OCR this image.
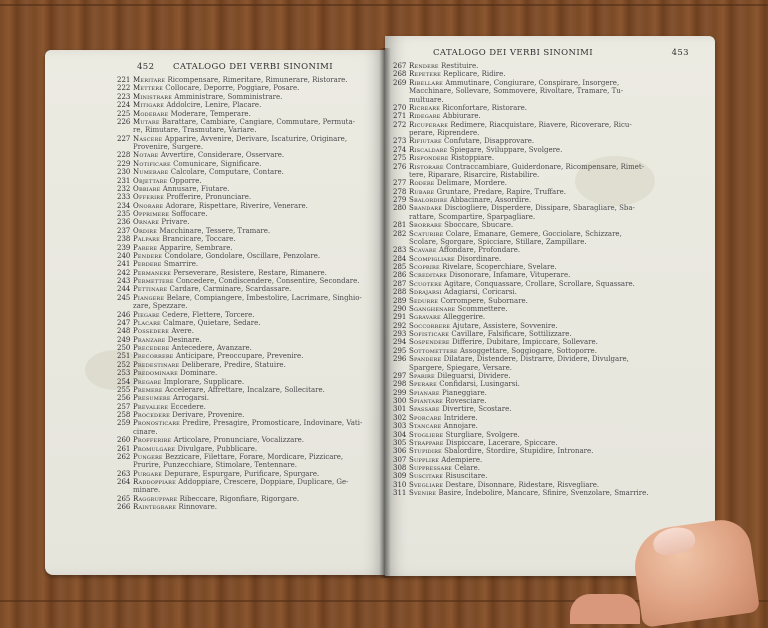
452 CATALOGO DEI VERBI SINONIMI
221 Meritare Ricompensare, Rimeritare, Rimunerare, Ristorare.
222 Mettere Collocare, Deporre, Poggiare, Posare.
223 Ministrare Amministrare, Somministrare.
224 Mitigare Addolcire, Lenire, Placare.
225 Moderare Moderare, Temperare.
226 Mutare Barattare, Cambiare, Cangiare, Commutare, Permuta-
re, Rimutare, Trasmutare, Variare.
227 Nascere Apparire, Avvenire, Derivare, Iscaturire, Originare,
Provenire, Surgere.
228 Notare Avvertire, Considerare, Osservare.
229 Notificare Comunicare, Significare.
230 Numerare Calcolare, Computare, Contare.
231 Objettare Opporre.
232 Obbiare Annusare, Fiutare.
233 Offerire Profferire, Pronunciare.
234 Onorare Adorare, Rispettare, Riverire, Venerare.
235 Opprimere Soffocare.
236 Ornare Privare.
237 Ordire Macchinare, Tessere, Tramare.
238 Palpare Brancicare, Toccare.
239 Parere Apparire, Sembrare.
240 Pendere Condolare, Gondolare, Oscillare, Penzolare.
241 Perdere Smarrire.
242 Permanere Perseverare, Resistere, Restare, Rimanere.
243 Permettere Concedere, Condiscendere, Consentire, Secondare.
244 Pettinare Cardare, Carminare, Scardassare.
245 Piangere Belare, Compiangere, Imbestolire, Lacrimare, Singhio-
zare, Spezzare.
246 Piegare Cedere, Flettere, Torcere.
247 Placare Calmare, Quietare, Sedare.
248 Possedere Avere.
249 Pranzare Desinare.
250 Precedere Antecedere, Avanzare.
251 Precorrere Anticipare, Preoccupare, Prevenire.
252 Predestinare Deliberare, Predire, Statuire.
253 Predominare Dominare.
254 Pregare Implorare, Supplicare.
255 Premere Accelerare, Affrettare, Incalzare, Sollecitare.
256 Presumere Arrogarsi.
257 Prevalere Eccedere.
258 Procedere Derivare, Provenire.
259 Pronosticare Predire, Presagire, Promosticare, Indovinare, Vati-
cinare.
260 Profferire Articolare, Pronunciare, Vocalizzare.
261 Promulgare Divulgare, Pubblicare.
262 Pungere Bezzicare, Filettare, Forare, Mordicare, Pizzicare,
Prurire, Punzecchiare, Stimolare, Tentennare.
263 Purgare Depurare, Espurgare, Purificare, Spurgare.
264 Raddoppiare Addoppiare, Crescere, Doppiare, Duplicare, Ge-
minare.
265 Raggruppare Ribeccare, Rigonfiare, Rigorgare.
266 Raintegrare Rinnovare.
CATALOGO DEI VERBI SINONIMI	453
267 Rendere Restituire.
268 Repetere Replicare, Ridire.
269 Ribellare Ammutinare, Congiurare, Conspirare, Insorgere,
Macchinare, Sollevare, Sommovere, Rivoltare, Tramare, Tu-
multuare.
270 Ricreare Riconfortare, Ristorare.
271 Ridegare Abbiurare.
272 Ricuperare Redimere, Riacquistare, Riavere, Ricoverare, Ricu-
perare, Riprendere.
273 Rifiutare Confutare, Disapprovare.
274 Riscaldare Spiegare, Sviluppare, Svolgere.
275 Rispondere Ristoppiare.
276 Ristorare Contraccambiare, Guiderdonare, Ricompensare, Rimet-
tere, Riparare, Risarcire, Ristabilire.
277 Rodere Delimare, Mordere.
278 Rubare Gruntare, Predare, Rapire, Truffare.
279 Sbalordire Abbacinare, Assordire.
280 Sbandare Disciogliere, Disperdere, Dissipare, Sbaragliare, Sba-
rattare, Scompartire, Sparpagliare.
281 Sborrare Sboccare, Sbucare.
282 Scaturire Colare, Emanare, Gemere, Gocciolare, Schizzare,
Scolare, Sgorgare, Spicciare, Stillare, Zampillare.
283 Scavare Affondare, Profondare.
284 Scompigliare Disordinare.
285 Scoprire Rivelare, Scoperchiare, Svelare.
286 Screditare Disonorare, Infamare, Vituperare.
287 Scuotere Agitare, Conquassare, Crollare, Scrollare, Squassare.
288 Sdrajarsi Adagiarsi, Coricarsi.
289 Sedurre Corrompere, Subornare.
290 Sganghenare Scommettere.
291 Sgravare Alleggerire.
292 Soccorrere Ajutare, Assistere, Sovvenire.
293 Sofisticare Cavillare, Falsificare, Sottilizzare.
294 Sospendere Differire, Dubitare, Impiccare, Sollevare.
295 Sottomettere Assoggettare, Soggiogare, Sottoporre.
296 Spandere Dilatare, Distendere, Distrarre, Dividere, Divulgare,
Spargere, Spiegare, Versare.
297 Sparire Dileguarsi, Dividere.
298 Sperare Confidarsi, Lusingarsi.
299 Spianare Pianeggiare.
300 Spiantare Rovesciare.
301 Spassare Divertire, Scostare.
302 Sporcare Intridere.
303 Stancare Annojare.
304 Stogliere Sturgliare, Svolgere.
305 Strappare Dispiccare, Lacerare, Spiccare.
306 Stupidire Sbalordire, Stordire, Stupidire, Intronare.
307 Supplire Adempiere.
308 Suppressare Celare.
309 Suscitare Risuscitare.
310 Svegliare Destare, Disonnare, Ridestare, Risvegliare.
311 Svenire Basire, Indebolire, Mancare, Sfinire, Svenzolare, Smarrire.
